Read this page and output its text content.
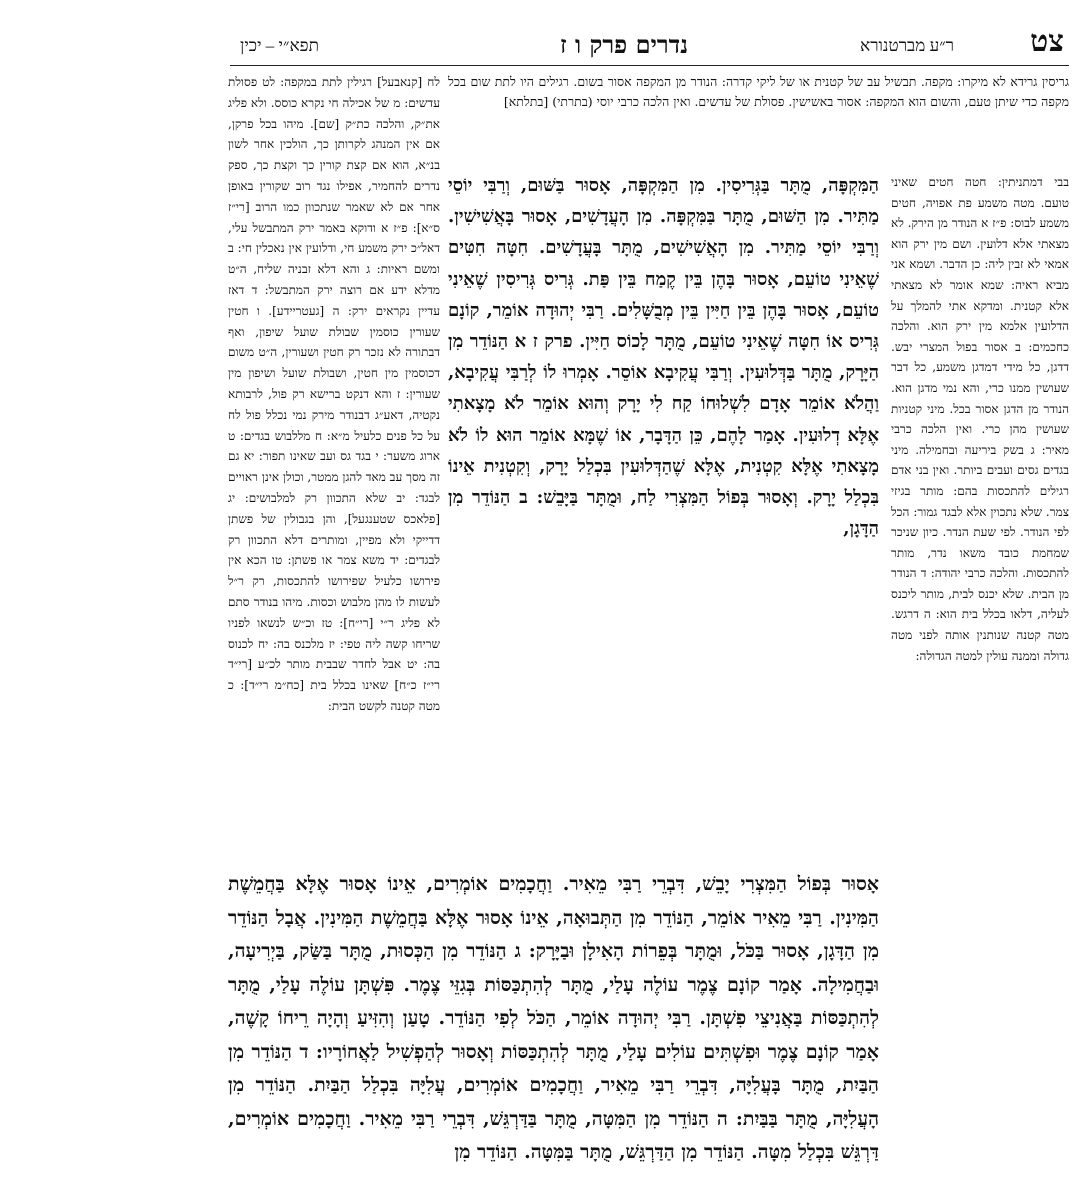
צט
ר״ע מברטנורא
נדרים פרק ו ז
תפא״י – יכין
גריסין גרידא לא מיקרו: מקפה. תבשיל עב של קטנית או של ליקי קדרה: הנודר מן המקפה אסור בשום. רגילים היו לתת שום בכל מקפה כדי שיתן טעם, והשום הוא המקפה: אסור באשישין. פסולת של עדשים. ואין הלכה כרבי יוסי (בתרתי) [בתלתא]
הַמִּקְפָּה, מֻתָּר בַּגְּרִיסִין. מִן הַמִּקְפָּה, אָסוּר בַּשּׁוּם, וְרַבִּי יוֹסֵי מַתִּיר. מִן הַשּׁוּם, מֻתָּר בַּמִּקְפָּה. מִן הָעֲדָשִׁים, אָסוּר בָּאֲשִׁישִׁין. וְרַבִּי יוֹסֵי מַתִּיר. מִן הָאֲשִׁישִׁים, מֻתָּר בָּעֲדָשִׁים. חִטָּה חִטִּים שֶׁאֵינִי טוֹעֵם, אָסוּר בָּהֶן בֵּין קֶמַח בֵּין פַּת. גְּרִיס גְּרִיסִין שֶׁאֵינִי טוֹעֵם, אָסוּר בָּהֶן בֵּין חַיִּין בֵּין מְבֻשָּׁלִים. רַבִּי יְהוּדָה אוֹמֵר, קוֹנָם גְּרִיס אוֹ חִטָּה שֶׁאֵינִי טוֹעֵם, מֻתָּר לָכוֹס חַיִּין. פרק ז א הַנּוֹדֵר מִן הַיָּרָק, מֻתָּר בַּדְּלוּעִין. וְרַבִּי עֲקִיבָא אוֹסֵר. אָמְרוּ לוֹ לְרַבִּי עֲקִיבָא, וַהֲלֹא אוֹמֵר אָדָם לִשְׁלוּחוֹ קַח לִי יָרָק וְהוּא אוֹמֵר לֹא מָצָאתִי אֶלָּא דְלוּעִין. אָמַר לָהֶם, כֵּן הַדָּבָר, אוֹ שֶׁמָּא אוֹמֵר הוּא לוֹ לֹא מָצָאתִי אֶלָּא קִטְנִית, אֶלָּא שֶׁהַדְּלוּעִין בִּכְלַל יָרָק, וְקִטְנִית אֵינוֹ בִּכְלַל יָרָק. וְאָסוּר בְּפוֹל הַמִּצְרִי לַח, וּמֻתָּר בַּיָּבֵשׁ: ב הַנּוֹדֵר מִן הַדָּגָן,
בבי דמתניתין: חטה חטים שאיני טועם. מטה משמע פת אפויה, חטים משמע לבוס: פ״ז א הנודר מן הירק. לא מצאתי אלא דלועין. ושם מין ירק הוא אמאי לא זבין ליה: כן הדבר. ושמא אני מביא ראיה: שמא אומר לא מצאתי אלא קטנית. ומדקא אתי להמלך על הדלועין אלמא מין ירק הוא. והלכה כחכמים: ב אסור בפול המצרי יבש. דדגן, כל מידי דמדגן משמע, כל דבר שעושין ממנו כרי, והא נמי מדגן הוא. הנודר מן הדגן אסור בכל. מיני קטניות שעושין מהן כרי. ואין הלכה כרבי מאיר: ג בשק ביריעה ובחמילה. מיני בגדים גסים ועבים ביותר. ואין בני אדם רגילים להתכסות בהם: מותר בגיזי צמר. שלא נתכוין אלא לבגד גמור: הכל לפי הנודר. לפי שעת הנדר. כיון שניכר שמחמת כובד משאו נדר, מותר להתכסות. והלכה כרבי יהודה: ד הנודר מן הבית. שלא יכנס לבית, מותר ליכנס לעליה, דלאו בכלל בית הוא: ה דרגש. מטה קטנה שנותנין אותה לפני מטה גדולה וממנה עולין למטה הגדולה:
לח [קנאבעל] רגילין לתת במקפה: לט פסולת עדשים: מ של אכילה חי נקרא כוסס. ולא פליג את״ק, והלכה כת״ק [שם]. מיהו בכל פרקן, אם אין המנהג לקרותן כך, הולכין אחר לשון בנ״א, הוא אם קצת קורין כך וקצת כך, ספק נדרים להחמיר, אפילו נגד רוב שקורין באופן אחר אם לא שאמר שנתכוון כמו הרוב [רי״ז ס״א]: פ״ז א ודוקא באמר ירק המתבשל עלי, דאל״כ ירק משמע חי, ודלועין אין נאכלין חי: ב ומשם ראיות: ג והא דלא זבניה שליח, ה״ט מדלא ידע אם רוצה ירק המתבשל: ד דאז עדיין נקראים ירק: ה [געטריידע]. ו חטין שעורין כוסמין שבולת שועל שיפון, ואף דבתורה לא נזכר רק חטין ושעורין, ה״ט משום דכוסמין מין חטין, ושבולת שועל ושיפון מין שעורין: ז והא דנקט ברישא רק פול, לרבותא נקטיה, דאע״ג דבנודר מירק נמי נכלל פול לח על כל פנים כלעיל מ״א: ח מללבוש בגדים: ט ארוג משער: י בגד גס ועב שאינו תפור: יא גם זה מסך עב מאד להגן ממטר, וכולן אינן ראויים לבגד: יב שלא התכוון רק למלבושים: יג [פלאכס שטענגעל], והן בגבולין של פשתן דדייקי ולא מפיין, ומותרים דלא התכוון רק לבגדים: יד משא צמר או פשתן: טו הכא אין פירושו כלעיל שפירושו להתכסות, רק ר״ל לעשות לו מהן מלבוש וכסות. מיהו בנודר סתם לא פליג ר״י [רי״ח]: טז וכ״ש לנשאו לפניו שריחו קשה ליה טפי: יז מלכנס בה: יח לכנוס בה: יט אבל לחדר שבבית מותר לכ״ע [רי״ד רי״ז כ״ח] שאינו בכלל בית [כח״מ רי״ד]: כ מטה קטנה לקשט הבית:
אָסוּר בְּפוֹל הַמִּצְרִי יָבֵשׁ, דִּבְרֵי רַבִּי מֵאִיר. וַחֲכָמִים אוֹמְרִים, אֵינוֹ אָסוּר אֶלָּא בַּחֲמֵשֶׁת הַמִּינִין. רַבִּי מֵאִיר אוֹמֵר, הַנּוֹדֵר מִן הַתְּבוּאָה, אֵינוֹ אָסוּר אֶלָּא בַּחֲמֵשֶׁת הַמִּינִין. אֲבָל הַנּוֹדֵר מִן הַדָּגָן, אָסוּר בַּכֹּל, וּמֻתָּר בְּפֵרוֹת הָאִילָן וּבַיָּרָק: ג הַנּוֹדֵר מִן הַכְּסוּת, מֻתָּר בַּשַּׂק, בַּיְרִיעָה, וּבַחֲמִילָה. אָמַר קוֹנָם צֶמֶר עוֹלֶה עָלַי, מֻתָּר לְהִתְכַּסּוֹת בְּגִזֵּי צֶמֶר. פִּשְׁתָּן עוֹלֶה עָלַי, מֻתָּר לְהִתְכַּסּוֹת בַּאֲנִיצֵי פִשְׁתָּן. רַבִּי יְהוּדָה אוֹמֵר, הַכֹּל לְפִי הַנּוֹדֵר. טָעַן וְהִזִּיעַ וְהָיָה רֵיחוֹ קָשֶׁה, אָמַר קוֹנָם צֶמֶר וּפִשְׁתִּים עוֹלִים עָלַי, מֻתָּר לְהִתְכַּסּוֹת וְאָסוּר לְהַפְשִׁיל לַאֲחוֹרָיו: ד הַנּוֹדֵר מִן הַבַּיִת, מֻתָּר בָּעֲלִיָּה, דִּבְרֵי רַבִּי מֵאִיר, וַחֲכָמִים אוֹמְרִים, עֲלִיָּה בִּכְלַל הַבַּיִת. הַנּוֹדֵר מִן הָעֲלִיָּה, מֻתָּר בַּבַּיִת: ה הַנּוֹדֵר מִן הַמִּטָּה, מֻתָּר בַּדַּרְגֵּשׁ, דִּבְרֵי רַבִּי מֵאִיר. וַחֲכָמִים אוֹמְרִים, דַּרְגֵּשׁ בִּכְלַל מִטָּה. הַנּוֹדֵר מִן הַדַּרְגֵּשׁ, מֻתָּר בַּמִּטָּה. הַנּוֹדֵר מִן
